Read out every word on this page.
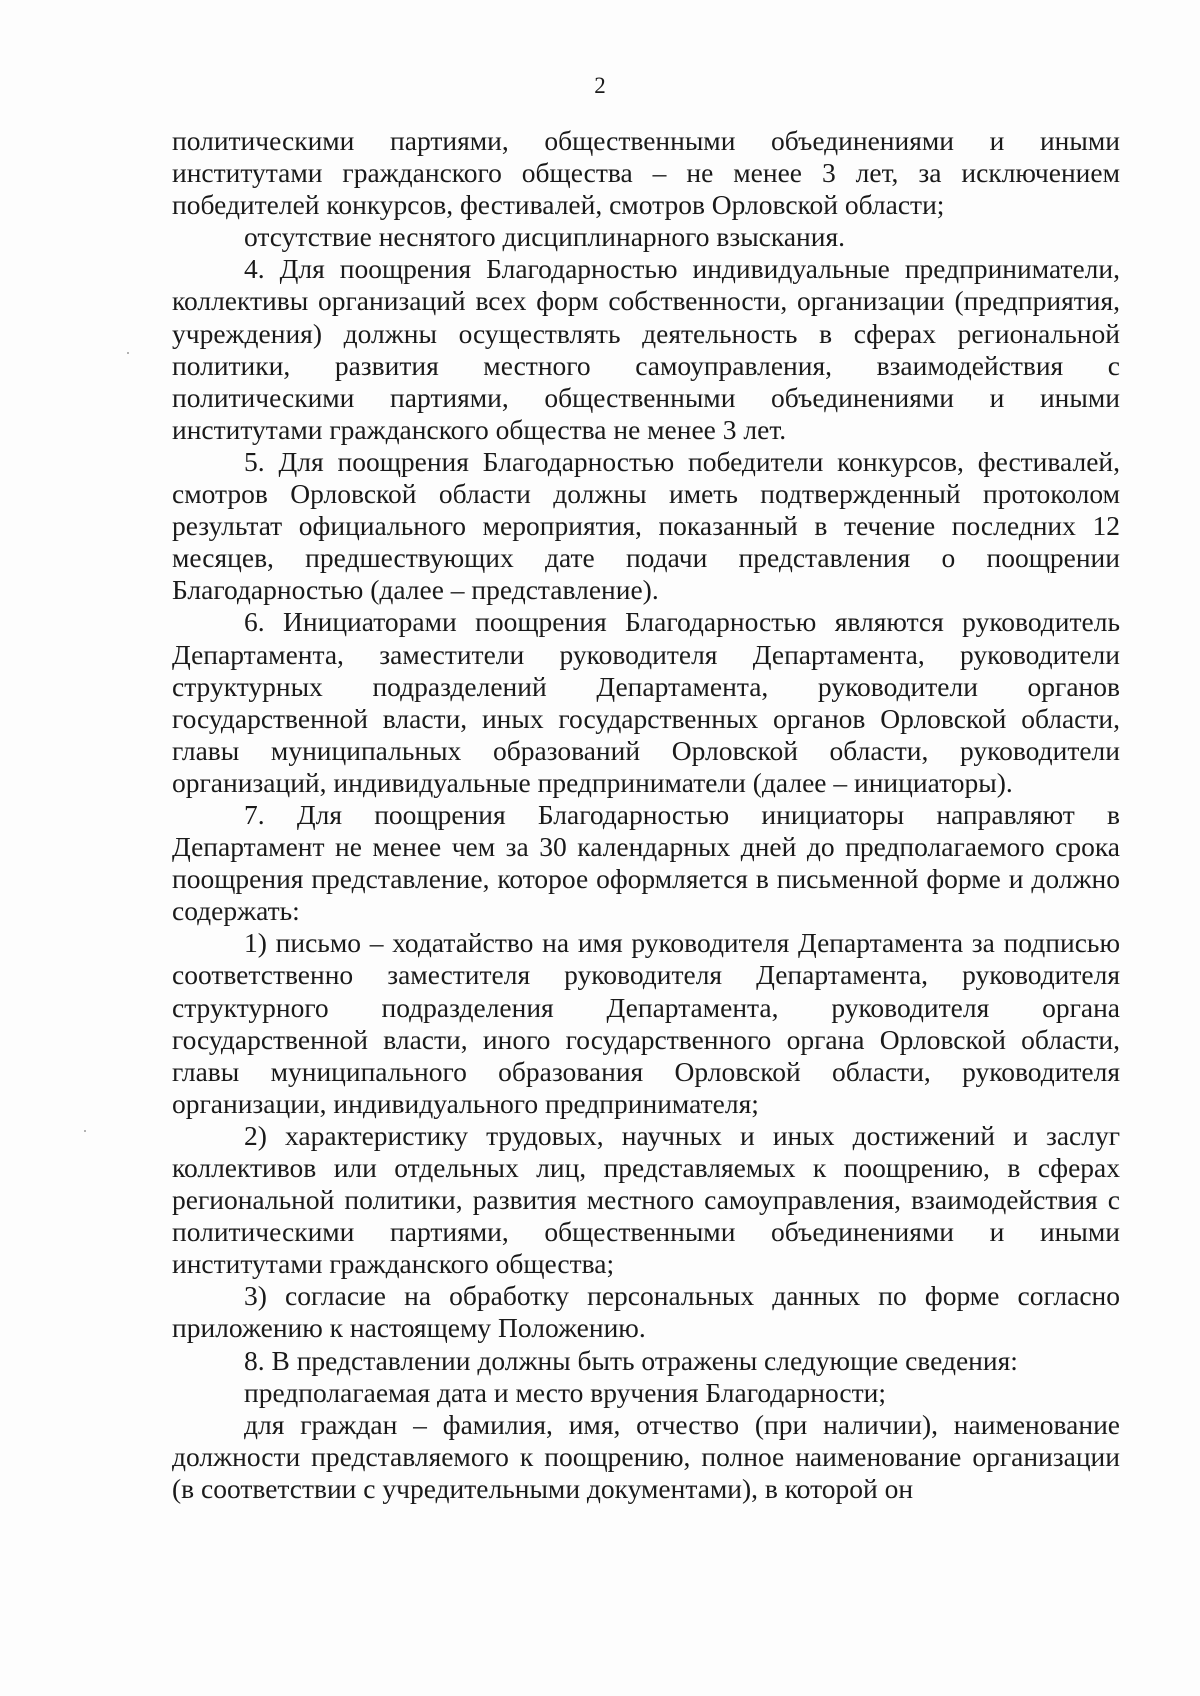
2

политическими партиями, общественными объединениями и иными институтами гражданского общества – не менее 3 лет, за исключением победителей конкурсов, фестивалей, смотров Орловской области;

отсутствие неснятого дисциплинарного взыскания.

4. Для поощрения Благодарностью индивидуальные предприниматели, коллективы организаций всех форм собственности, организации (предприятия, учреждения) должны осуществлять деятельность в сферах региональной политики, развития местного самоуправления, взаимодействия с политическими партиями, общественными объединениями и иными институтами гражданского общества не менее 3 лет.

5. Для поощрения Благодарностью победители конкурсов, фестивалей, смотров Орловской области должны иметь подтвержденный протоколом результат официального мероприятия, показанный в течение последних 12 месяцев, предшествующих дате подачи представления о поощрении Благодарностью (далее – представление).

6. Инициаторами поощрения Благодарностью являются руководитель Департамента, заместители руководителя Департамента, руководители структурных подразделений Департамента, руководители органов государственной власти, иных государственных органов Орловской области, главы муниципальных образований Орловской области, руководители организаций, индивидуальные предприниматели (далее – инициаторы).

7. Для поощрения Благодарностью инициаторы направляют в Департамент не менее чем за 30 календарных дней до предполагаемого срока поощрения представление, которое оформляется в письменной форме и должно содержать:

1) письмо – ходатайство на имя руководителя Департамента за подписью соответственно заместителя руководителя Департамента, руководителя структурного подразделения Департамента, руководителя органа государственной власти, иного государственного органа Орловской области, главы муниципального образования Орловской области, руководителя организации, индивидуального предпринимателя;

2) характеристику трудовых, научных и иных достижений и заслуг коллективов или отдельных лиц, представляемых к поощрению, в сферах региональной политики, развития местного самоуправления, взаимодействия с политическими партиями, общественными объединениями и иными институтами гражданского общества;

3) согласие на обработку персональных данных по форме согласно приложению к настоящему Положению.

8. В представлении должны быть отражены следующие сведения:

предполагаемая дата и место вручения Благодарности;

для граждан – фамилия, имя, отчество (при наличии), наименование должности представляемого к поощрению, полное наименование организации (в соответствии с учредительными документами), в которой он
